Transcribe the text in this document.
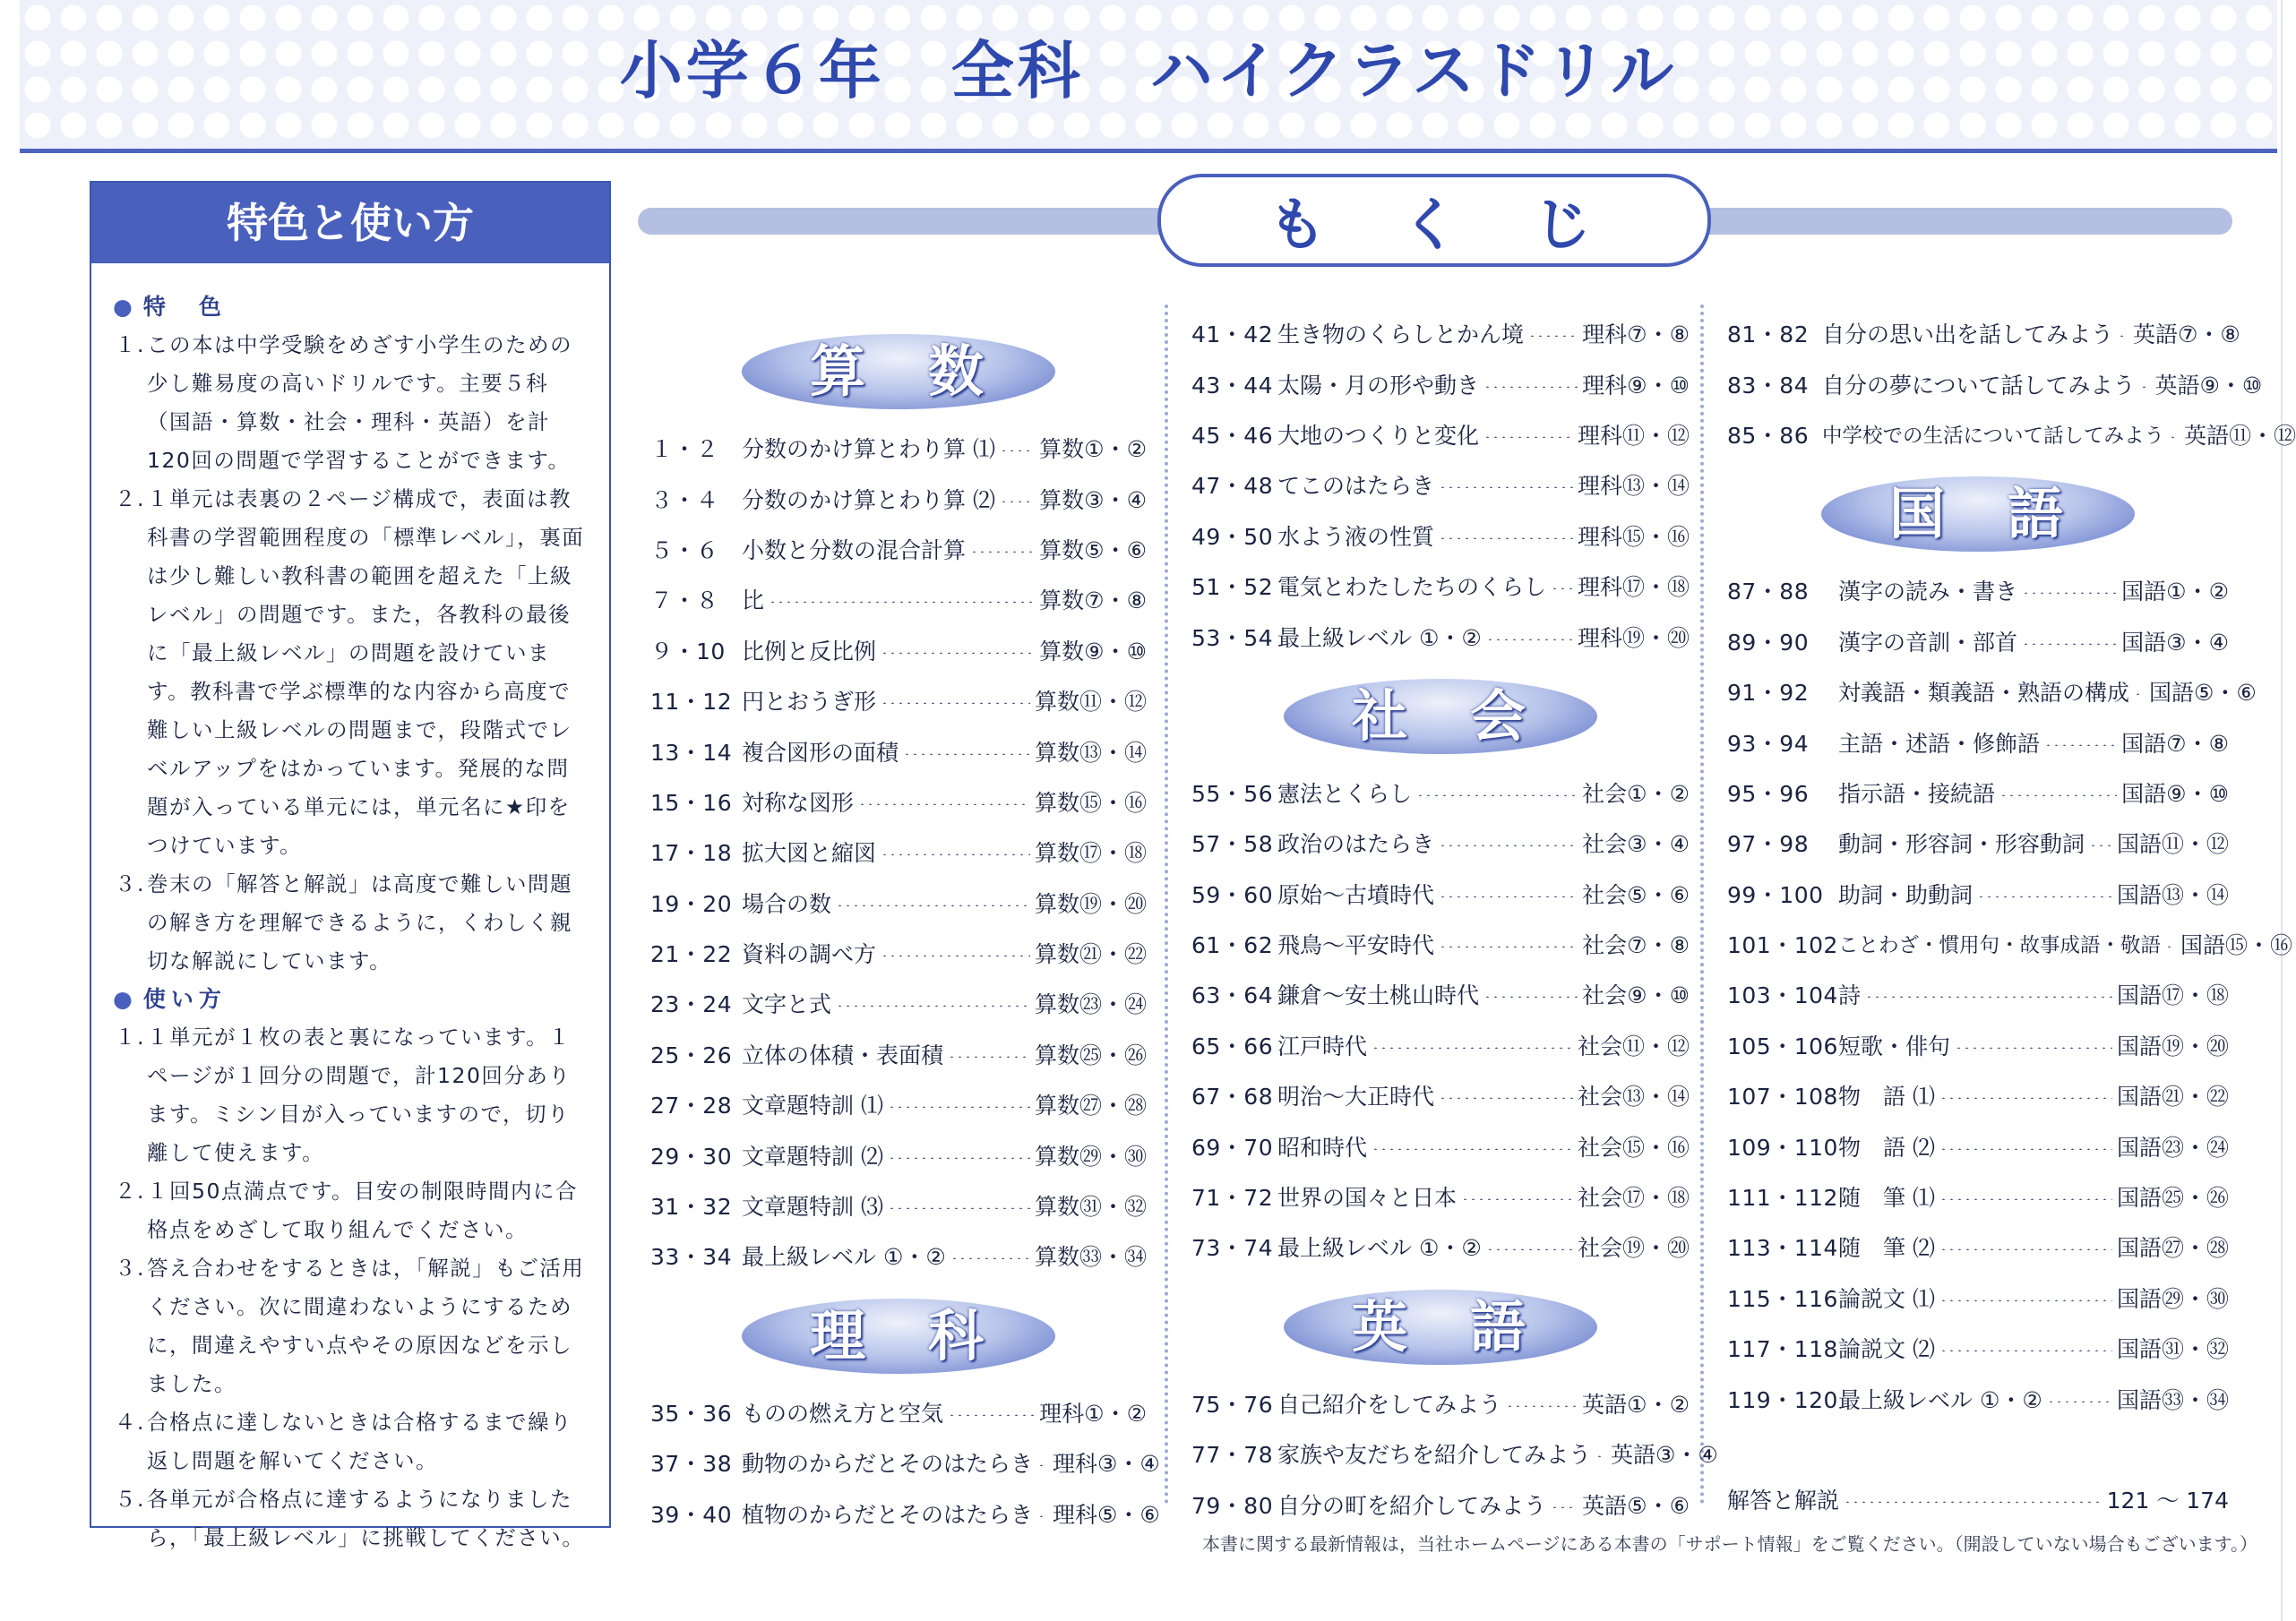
小学６年　全科　ハイクラスドリル
特色と使い方
● 特　色
１. この本は中学受験をめざす小学生のための少し難易度の高いドリルです。主要５科（国語・算数・社会・理科・英語）を計120回の問題で学習することができます。
２. １単元は表裏の２ページ構成で，表面は教科書の学習範囲程度の「標準レベル」，裏面は少し難しい教科書の範囲を超えた「上級レベル」の問題です。また，各教科の最後に「最上級レベル」の問題を設けています。教科書で学ぶ標準的な内容から高度で難しい上級レベルの問題まで，段階式でレベルアップをはかっています。発展的な問題が入っている単元には，単元名に★印をつけています。
３. 巻末の「解答と解説」は高度で難しい問題の解き方を理解できるように，くわしく親切な解説にしています。
● 使い方
１. １単元が１枚の表と裏になっています。１ページが１回分の問題で，計120回分あります。ミシン目が入っていますので，切り離して使えます。
２. １回50点満点です。目安の制限時間内に合格点をめざして取り組んでください。
３. 答え合わせをするときは，「解説」もご活用ください。次に間違わないようにするために，間違えやすい点やその原因などを示しました。
４. 合格点に達しないときは合格するまで繰り返し問題を解いてください。
５. 各単元が合格点に達するようになりましたら，「最上級レベル」に挑戦してください。
も　く　じ
算　数
１・２	分数のかけ算とわり算 ⑴ 算数①・②
３・４	分数のかけ算とわり算 ⑵ 算数③・④
５・６	小数と分数の混合計算	算数⑤・⑥
７・８	比	算数⑦・⑧
９・10 比例と反比例	算数⑨・⑩
11・12 円とおうぎ形	算数⑪・⑫
13・14 複合図形の面積	算数⑬・⑭
15・16 対称な図形	算数⑮・⑯
17・18 拡大図と縮図	算数⑰・⑱
19・20 場合の数	算数⑲・⑳
21・22 資料の調べ方	算数㉑・㉒
23・24 文字と式	算数㉓・㉔
25・26 立体の体積・表面積	算数㉕・㉖
27・28 文章題特訓 ⑴	算数㉗・㉘
29・30 文章題特訓 ⑵	算数㉙・㉚
31・32 文章題特訓 ⑶	算数㉛・㉜
33・34 最上級レベル ①・②	算数㉝・㉞
理　科
35・36 ものの燃え方と空気	理科①・②
37・38 動物のからだとそのはたらき 理科③・④
39・40 植物のからだとそのはたらき 理科⑤・⑥
41・42 生き物のくらしとかん境	理科⑦・⑧
43・44 太陽・月の形や動き	理科⑨・⑩
45・46 大地のつくりと変化	理科⑪・⑫
47・48 てこのはたらき	理科⑬・⑭
49・50 水よう液の性質	理科⑮・⑯
51・52 電気とわたしたちのくらし 理科⑰・⑱
53・54 最上級レベル ①・②	理科⑲・⑳
社　会
55・56 憲法とくらし	社会①・②
57・58 政治のはたらき	社会③・④
59・60 原始～古墳時代	社会⑤・⑥
61・62 飛鳥～平安時代	社会⑦・⑧
63・64 鎌倉～安土桃山時代	社会⑨・⑩
65・66 江戸時代	社会⑪・⑫
67・68 明治～大正時代	社会⑬・⑭
69・70 昭和時代	社会⑮・⑯
71・72 世界の国々と日本	社会⑰・⑱
73・74 最上級レベル ①・②	社会⑲・⑳
英　語
75・76 自己紹介をしてみよう	英語①・②
77・78 家族や友だちを紹介してみよう 英語③・④
79・80 自分の町を紹介してみよう 英語⑤・⑥
81・82 自分の思い出を話してみよう 英語⑦・⑧
83・84 自分の夢について話してみよう 英語⑨・⑩
85・86 中学校での生活について話してみよう 英語⑪・⑫
国　語
87・88	漢字の読み・書き	国語①・②
89・90	漢字の音訓・部首	国語③・④
91・92	対義語・類義語・熟語の構成 国語⑤・⑥
93・94	主語・述語・修飾語	国語⑦・⑧
95・96	指示語・接続語	国語⑨・⑩
97・98	動詞・形容詞・形容動詞 国語⑪・⑫
99・100 助詞・助動詞	国語⑬・⑭
101・102 ことわざ・慣用句・故事成語・敬語 国語⑮・⑯
103・104 詩	国語⑰・⑱
105・106 短歌・俳句	国語⑲・⑳
107・108 物　語 ⑴	国語㉑・㉒
109・110 物　語 ⑵	国語㉓・㉔
111・112 随　筆 ⑴	国語㉕・㉖
113・114 随　筆 ⑵	国語㉗・㉘
115・116 論説文 ⑴	国語㉙・㉚
117・118 論説文 ⑵	国語㉛・㉜
119・120 最上級レベル ①・②	国語㉝・㉞
解答と解説	121 ～ 174
本書に関する最新情報は，当社ホームページにある本書の「サポート情報」をご覧ください。（開設していない場合もございます。）
